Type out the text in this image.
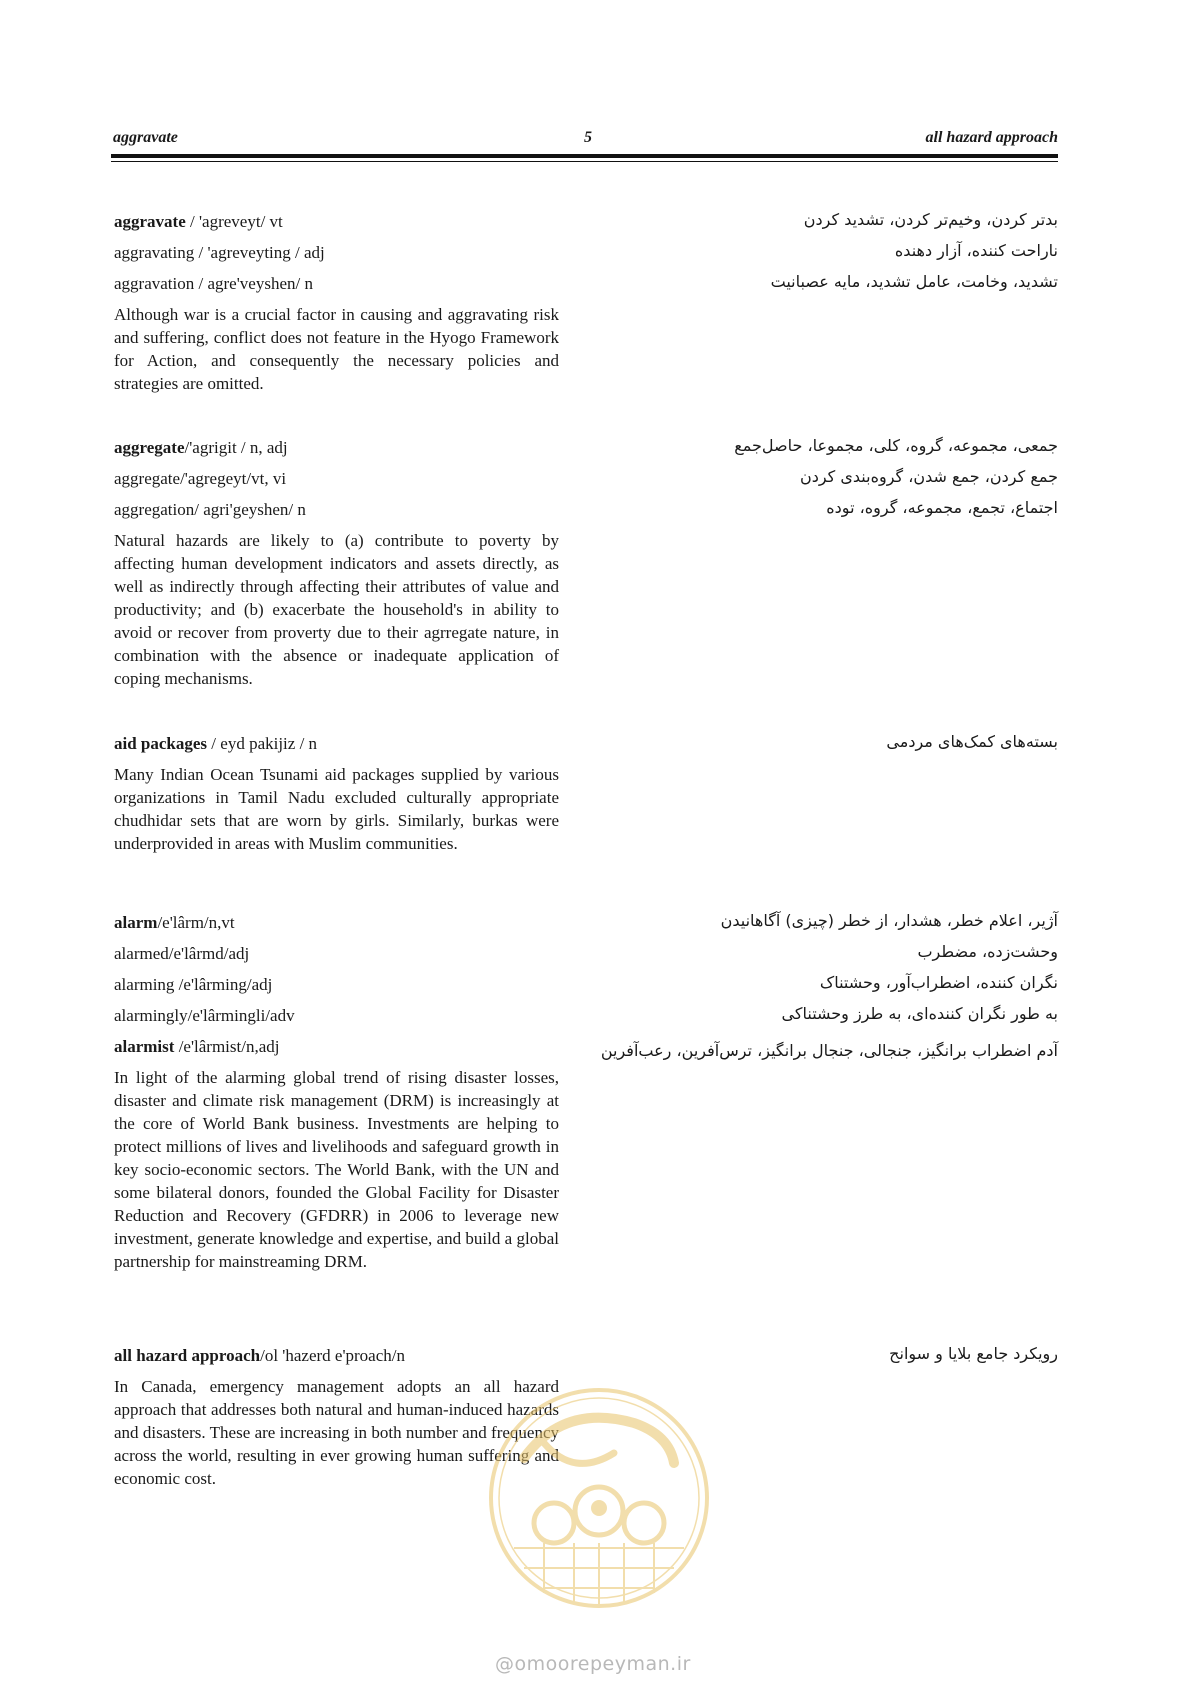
aggravate	5	all hazard approach
aggravate / 'agreveyt/ vt
aggravating / 'agreveyting / adj
aggravation / agre'veyshen/ n
Although war is a crucial factor in causing and aggravating risk and suffering, conflict does not feature in the Hyogo Framework for Action, and consequently the necessary policies and strategies are omitted.
بدتر کردن، وخیم‌تر کردن، تشدید کردن
ناراحت کننده، آزار دهنده
تشدید، وخامت، عامل تشدید، مایه عصبانیت
aggregate/'agrigit / n, adj
aggregate/'agregeyt/vt, vi
aggregation/ agri'geyshen/ n
Natural hazards are likely to (a) contribute to poverty by affecting human development indicators and assets directly, as well as indirectly through affecting their attributes of value and productivity; and (b) exacerbate the household's in ability to avoid or recover from proverty due to their agrregate nature, in combination with the absence or inadequate application of coping mechanisms.
جمعی، مجموعه، گروه، کلی، مجموعا، حاصل‌جمع
جمع کردن، جمع شدن، گروه‌بندی کردن
اجتماع، تجمع، مجموعه، گروه، توده
aid packages / eyd pakijiz / n
Many Indian Ocean Tsunami aid packages supplied by various organizations in Tamil Nadu excluded culturally appropriate chudhidar sets that are worn by girls. Similarly, burkas were underprovided in areas with Muslim communities.
بسته‌های کمک‌های مردمی
alarm/e'lârm/n,vt
alarmed/e'lârmd/adj
alarming /e'lârming/adj
alarmingly/e'lârmingli/adv
alarmist /e'lârmist/n,adj
In light of the alarming global trend of rising disaster losses, disaster and climate risk management (DRM) is increasingly at the core of World Bank business. Investments are helping to protect millions of lives and livelihoods and safeguard growth in key socio-economic sectors. The World Bank, with the UN and some bilateral donors, founded the Global Facility for Disaster Reduction and Recovery (GFDRR) in 2006 to leverage new investment, generate knowledge and expertise, and build a global partnership for mainstreaming DRM.
آژیر، اعلام خطر، هشدار، از خطر (چیزی) آگاهانیدن
وحشت‌زده، مضطرب
نگران کننده، اضطراب‌آور، وحشتناک
به طور نگران کننده‌ای، به طرز وحشتناکی
آدم اضطراب برانگیز، جنجالی، جنجال برانگیز، ترس‌آفرین، رعب‌آفرین
all hazard approach/ol 'hazerd e'proach/n
In Canada, emergency management adopts an all hazard approach that addresses both natural and human-induced hazards and disasters. These are increasing in both number and frequency across the world, resulting in ever growing human suffering and economic cost.
رویکرد جامع بلایا و سوانح
@omoorepeyman.ir
